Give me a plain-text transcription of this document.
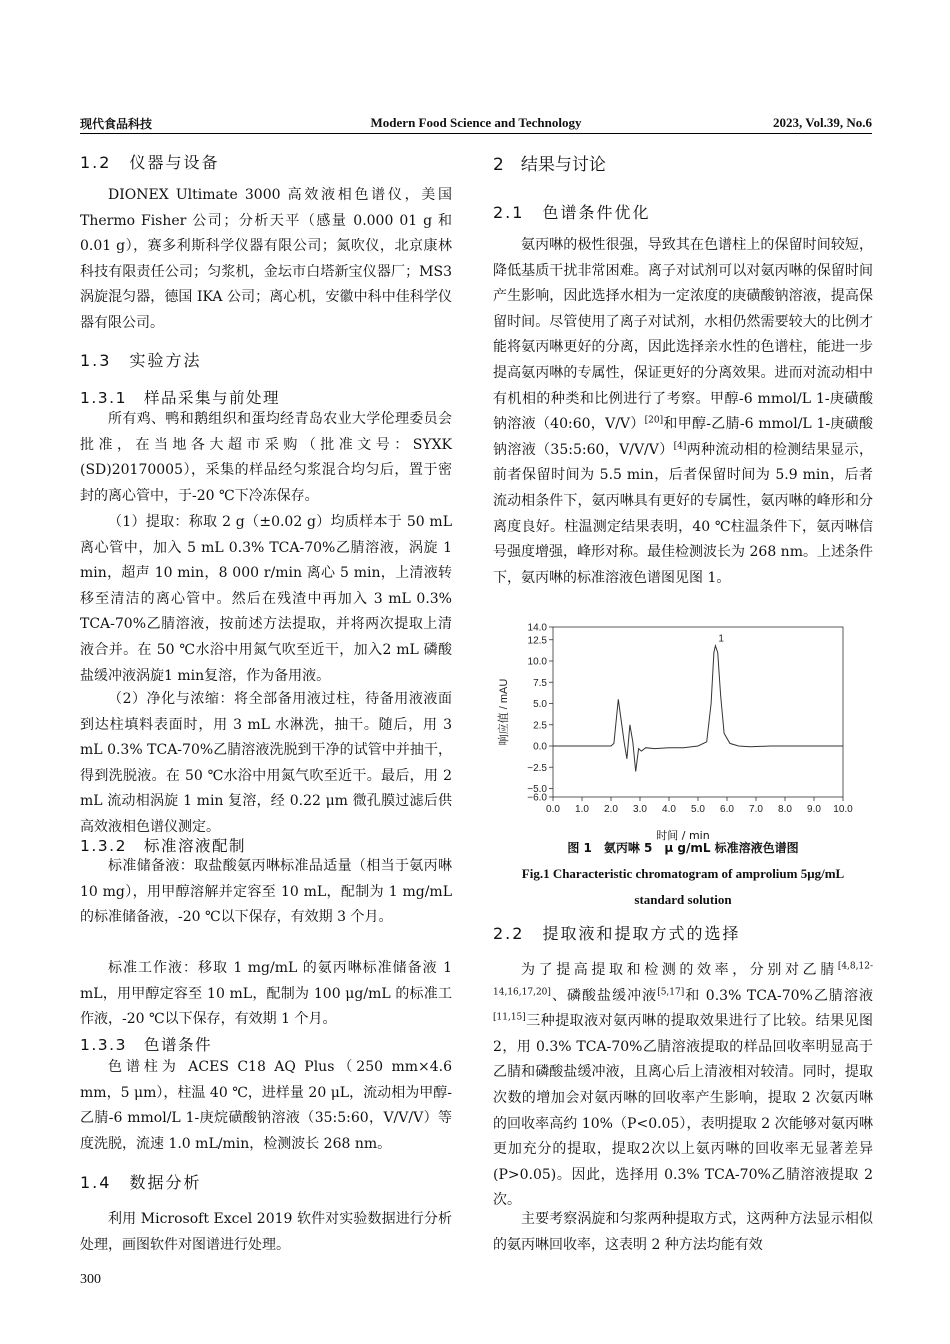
现代食品科技	Modern Food Science and Technology	2023, Vol.39, No.6

1.2　仪器与设备

DIONEX Ultimate 3000 高效液相色谱仪，美国 Thermo Fisher 公司；分析天平（感量 0.000 01 g 和 0.01 g），赛多利斯科学仪器有限公司；氮吹仪，北京康林科技有限责任公司；匀浆机，金坛市白塔新宝仪器厂；MS3 涡旋混匀器，德国 IKA 公司；离心机，安徽中科中佳科学仪器有限公司。

1.3　实验方法

1.3.1　样品采集与前处理

所有鸡、鸭和鹅组织和蛋均经青岛农业大学伦理委员会批准，在当地各大超市采购（批准文号：SYXK (SD)20170005），采集的样品经匀浆混合均匀后，置于密封的离心管中，于-20 ℃下冷冻保存。

（1）提取：称取 2 g（±0.02 g）均质样本于 50 mL 离心管中，加入 5 mL 0.3% TCA-70%乙腈溶液，涡旋 1 min，超声 10 min，8 000 r/min 离心 5 min，上清液转移至清洁的离心管中。然后在残渣中再加入 3 mL 0.3% TCA-70%乙腈溶液，按前述方法提取，并将两次提取上清液合并。在 50 ℃水浴中用氮气吹至近干，加入2 mL 磷酸盐缓冲液涡旋1 min复溶，作为备用液。

（2）净化与浓缩：将全部备用液过柱，待备用液液面到达柱填料表面时，用 3 mL 水淋洗，抽干。随后，用 3 mL 0.3% TCA-70%乙腈溶液洗脱到干净的试管中并抽干，得到洗脱液。在 50 ℃水浴中用氮气吹至近干。最后，用 2 mL 流动相涡旋 1 min 复溶，经 0.22 μm 微孔膜过滤后供高效液相色谱仪测定。

1.3.2　标准溶液配制

标准储备液：取盐酸氨丙啉标准品适量（相当于氨丙啉 10 mg），用甲醇溶解并定容至 10 mL，配制为 1 mg/mL 的标准储备液，-20 ℃以下保存，有效期 3 个月。

标准工作液：移取 1 mg/mL 的氨丙啉标准储备液 1 mL，用甲醇定容至 10 mL，配制为 100 μg/mL 的标准工作液，-20 ℃以下保存，有效期 1 个月。

1.3.3　色谱条件

色谱柱为 ACES C18 AQ Plus（250 mm×4.6 mm，5 μm），柱温 40 ℃，进样量 20 μL，流动相为甲醇-乙腈-6 mmol/L 1-庚烷磺酸钠溶液（35:5:60，V/V/V）等度洗脱，流速 1.0 mL/min，检测波长 268 nm。

1.4　数据分析

利用 Microsoft Excel 2019 软件对实验数据进行分析处理，画图软件对图谱进行处理。

2　结果与讨论

2.1　色谱条件优化

氨丙啉的极性很强，导致其在色谱柱上的保留时间较短，降低基质干扰非常困难。离子对试剂可以对氨丙啉的保留时间产生影响，因此选择水相为一定浓度的庚磺酸钠溶液，提高保留时间。尽管使用了离子对试剂，水相仍然需要较大的比例才能将氨丙啉更好的分离，因此选择亲水性的色谱柱，能进一步提高氨丙啉的专属性，保证更好的分离效果。进而对流动相中有机相的种类和比例进行了考察。甲醇-6 mmol/L 1-庚磺酸钠溶液（40:60，V/V）[20]和甲醇-乙腈-6 mmol/L 1-庚磺酸钠溶液（35:5:60，V/V/V）[4]两种流动相的检测结果显示，前者保留时间为 5.5 min，后者保留时间为 5.9 min，后者流动相条件下，氨丙啉具有更好的专属性，氨丙啉的峰形和分离度良好。柱温测定结果表明，40 ℃柱温条件下，氨丙啉信号强度增强，峰形对称。最佳检测波长为 268 nm。上述条件下，氨丙啉的标准溶液色谱图见图 1。

响应值 / mAU
0.0 1.0 2.0 3.0 4.0 5.0 6.0 7.0 8.0 9.0 10.0
14.0
12.5
10.0
7.5
5.0
2.5
0.0
−2.5
−5.0
−6.0
1
时间 / min
图 1　氨丙啉 5　μ g/mL 标准溶液色谱图
Fig.1 Characteristic chromatogram of amprolium 5μg/mL standard solution

2.2　提取液和提取方式的选择

为了提高提取和检测的效率，分别对乙腈[4,8,12-14,16,17,20]、磷酸盐缓冲液[5,17]和 0.3% TCA-70%乙腈溶液[11,15]三种提取液对氨丙啉的提取效果进行了比较。结果见图 2，用 0.3% TCA-70%乙腈溶液提取的样品回收率明显高于乙腈和磷酸盐缓冲液，且离心后上清液相对较清。同时，提取次数的增加会对氨丙啉的回收率产生影响，提取 2 次氨丙啉的回收率高约 10%（P<0.05），表明提取 2 次能够对氨丙啉更加充分的提取，提取2次以上氨丙啉的回收率无显著差异(P>0.05)。因此，选择用 0.3% TCA-70%乙腈溶液提取 2 次。

主要考察涡旋和匀浆两种提取方式，这两种方法显示相似的氨丙啉回收率，这表明 2 种方法均能有效

300
